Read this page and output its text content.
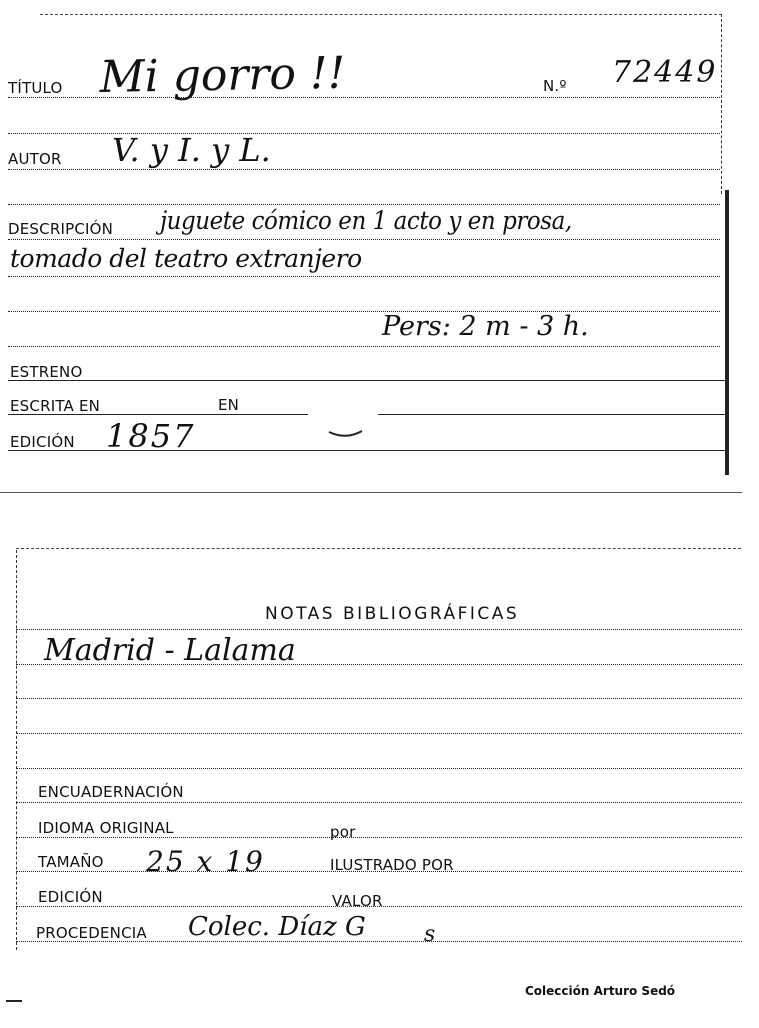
TÍTULO Mi gorro !!	N.º 72449
AUTOR V. y I. y L.
DESCRIPCIÓN juguete cómico en 1 acto y en prosa,
tomado del teatro extranjero
Pers: 2 m - 3 h.
ESTRENO
ESCRITA EN	EN
EDICIÓN 1857
NOTAS BIBLIOGRÁFICAS
Madrid - Lalama
ENCUADERNACIÓN
IDIOMA ORIGINAL	por
TAMAÑO 25 x 19	ILUSTRADO POR
EDICIÓN	VALOR
PROCEDENCIA Colec. Díaz G	s
Colección Arturo Sedó
